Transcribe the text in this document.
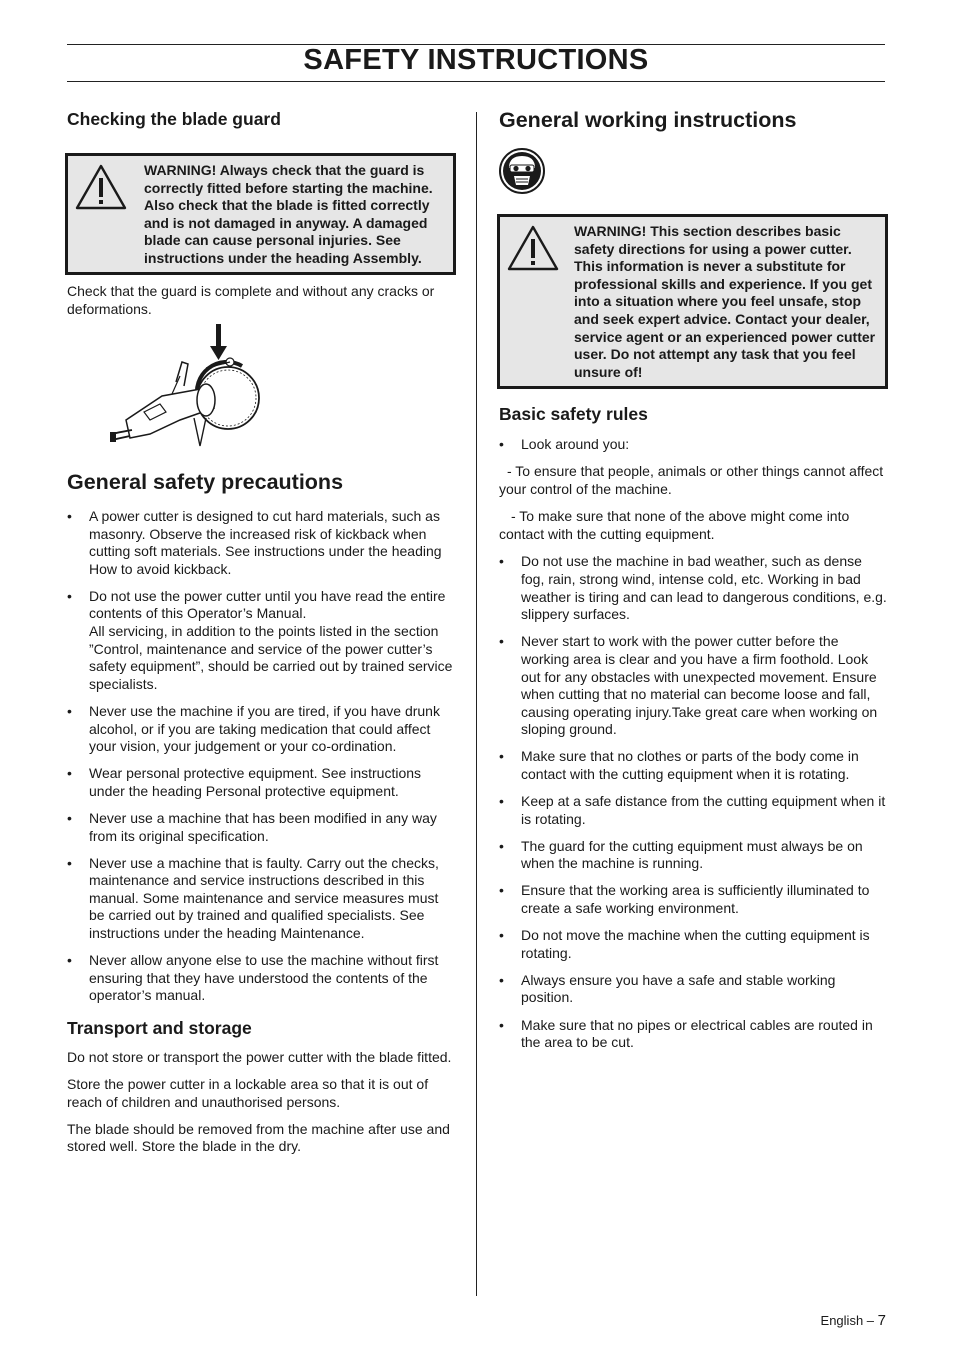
SAFETY INSTRUCTIONS
Checking the blade guard
WARNING! Always check that the guard is correctly fitted before starting the machine. Also check that the blade is fitted correctly and is not damaged in anyway. A damaged blade can cause personal injuries. See instructions under the heading Assembly.

Check that the guard is complete and without any cracks or deformations.

General safety precautions
• A power cutter is designed to cut hard materials, such as masonry. Observe the increased risk of kickback when cutting soft materials. See instructions under the heading How to avoid kickback.
• Do not use the power cutter until you have read the entire contents of this Operator’s Manual.
All servicing, in addition to the points listed in the section ”Control, maintenance and service of the power cutter’s safety equipment”, should be carried out by trained service specialists.
• Never use the machine if you are tired, if you have drunk alcohol, or if you are taking medication that could affect your vision, your judgement or your co-ordination.
• Wear personal protective equipment. See instructions under the heading Personal protective equipment.
• Never use a machine that has been modified in any way from its original specification.
• Never use a machine that is faulty. Carry out the checks, maintenance and service instructions described in this manual. Some maintenance and service measures must be carried out by trained and qualified specialists. See instructions under the heading Maintenance.
• Never allow anyone else to use the machine without first ensuring that they have understood the contents of the operator’s manual.
Transport and storage

Do not store or transport the power cutter with the blade fitted.

Store the power cutter in a lockable area so that it is out of reach of children and unauthorised persons.

The blade should be removed from the machine after use and stored well. Store the blade in the dry.

General working instructions
WARNING! This section describes basic safety directions for using a power cutter. This information is never a substitute for professional skills and experience. If you get into a situation where you feel unsafe, stop and seek expert advice. Contact your dealer, service agent or an experienced power cutter user. Do not attempt any task that you feel unsure of!
Basic safety rules
• Look around you:

- To ensure that people, animals or other things cannot affect your control of the machine.

- To make sure that none of the above might come into contact with the cutting equipment.

• Do not use the machine in bad weather, such as dense fog, rain, strong wind, intense cold, etc. Working in bad weather is tiring and can lead to dangerous conditions, e.g. slippery surfaces.
• Never start to work with the power cutter before the working area is clear and you have a firm foothold. Look out for any obstacles with unexpected movement. Ensure when cutting that no material can become loose and fall, causing operating injury.Take great care when working on sloping ground.
• Make sure that no clothes or parts of the body come in contact with the cutting equipment when it is rotating.
• Keep at a safe distance from the cutting equipment when it is rotating.
• The guard for the cutting equipment must always be on when the machine is running.
• Ensure that the working area is sufficiently illuminated to create a safe working environment.
• Do not move the machine when the cutting equipment is rotating.
• Always ensure you have a safe and stable working position.
• Make sure that no pipes or electrical cables are routed in the area to be cut.
English – 7
